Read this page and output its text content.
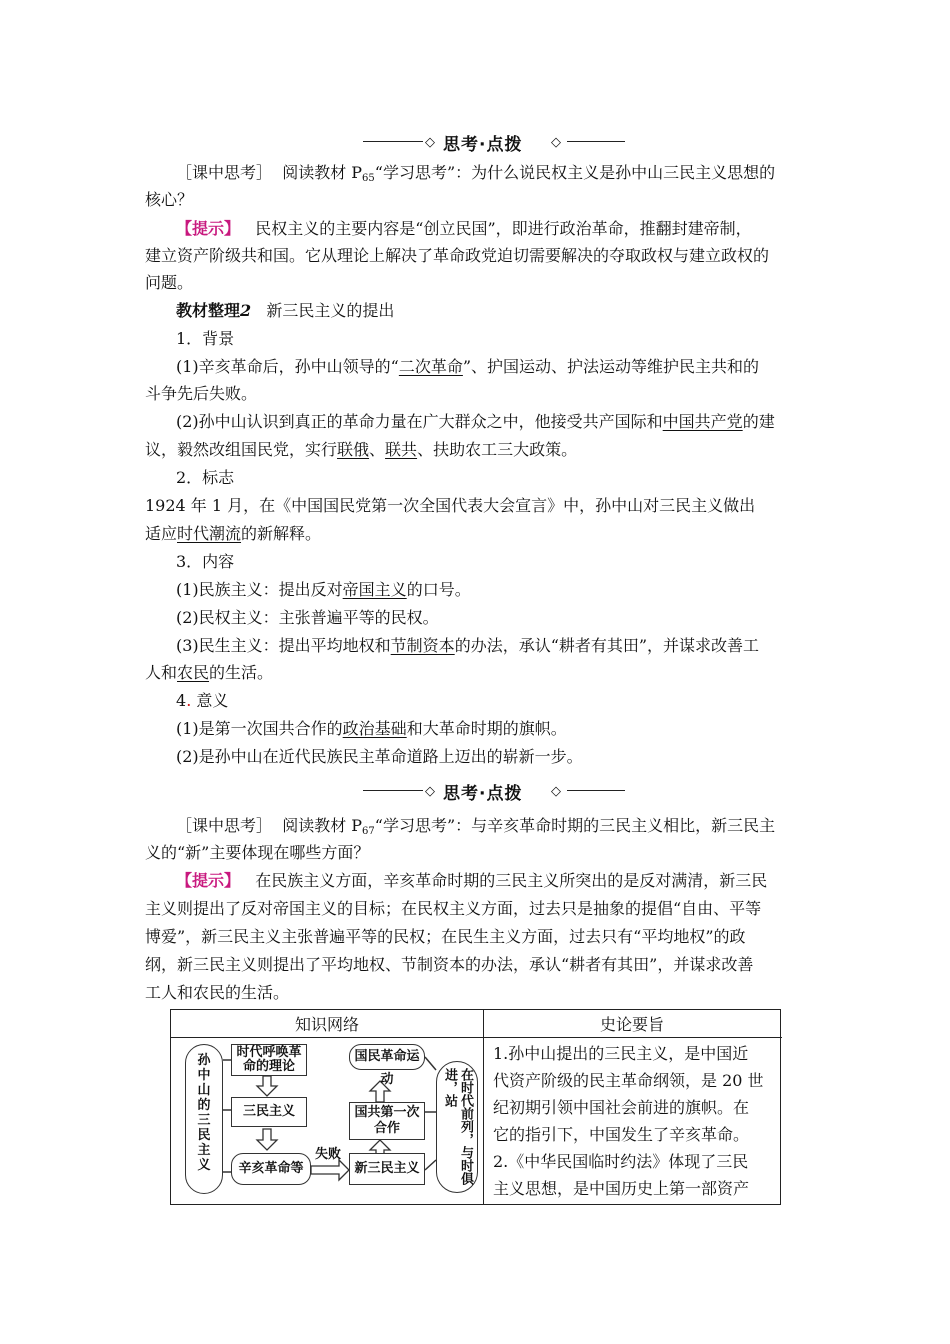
◇ 思考·点拨 ◇
［课中思考］ 阅读教材 $P_{65}“$学习思考”：为什么说民权主义是孙中山三民主义思想的
核心？
【提示】 民权主义的主要内容是“创立民国”，即进行政治革命，推翻封建帝制，
建立资产阶级共和国。它从理论上解决了革命政党迫切需要解决的夺取政权与建立政权的
问题。
教材整理2 新三民主义的提出
1．背景
(1)辛亥革命后，孙中山领导的“二次革命”、护国运动、护法运动等维护民主共和的
斗争先后失败。
(2)孙中山认识到真正的革命力量在广大群众之中，他接受共产国际和中国共产党的建
议，毅然改组国民党，实行联俄、联共、扶助农工三大政策。
2．标志
1924 年 1 月，在《中国国民党第一次全国代表大会宣言》中，孙中山对三民主义做出
适应时代潮流的新解释。
3．内容
(1)民族主义：提出反对帝国主义的口号。
(2)民权主义：主张普遍平等的民权。
(3)民生主义：提出平均地权和节制资本的办法，承认“耕者有其田”，并谋求改善工
人和农民的生活。
4. 意义
(1)是第一次国共合作的政治基础和大革命时期的旗帜。
(2)是孙中山在近代民族民主革命道路上迈出的崭新一步。
◇ 思考·点拨 ◇
［课中思考］ 阅读教材 $P_{67}“$学习思考”：与辛亥革命时期的三民主义相比，新三民主
义的“新”主要体现在哪些方面？
【提示】 在民族主义方面，辛亥革命时期的三民主义所突出的是反对满清，新三民
主义则提出了反对帝国主义的目标；在民权主义方面，过去只是抽象的提倡“自由、平等
博爱”，新三民主义主张普遍平等的民权；在民生主义方面，过去只有“平均地权”的政
纲，新三民主义则提出了平均地权、节制资本的办法，承认“耕者有其田”，并谋求改善
工人和农民的生活。
知识网络	史论要旨
1.孙中山提出的三民主义，是中国近
代资产阶级的民主革命纲领，是 20 世
纪初期引领中国社会前进的旗帜。在
它的指引下，中国发生了辛亥革命。
2.《中华民国临时约法》体现了三民
主义思想，是中国历史上第一部资产
孙中山的三民主义
时代呼唤革命的理论
三民主义
辛亥革命等
失败
新三民主义
国共第一次合作
国民革命运动	在时代前列，与时俱进，站
